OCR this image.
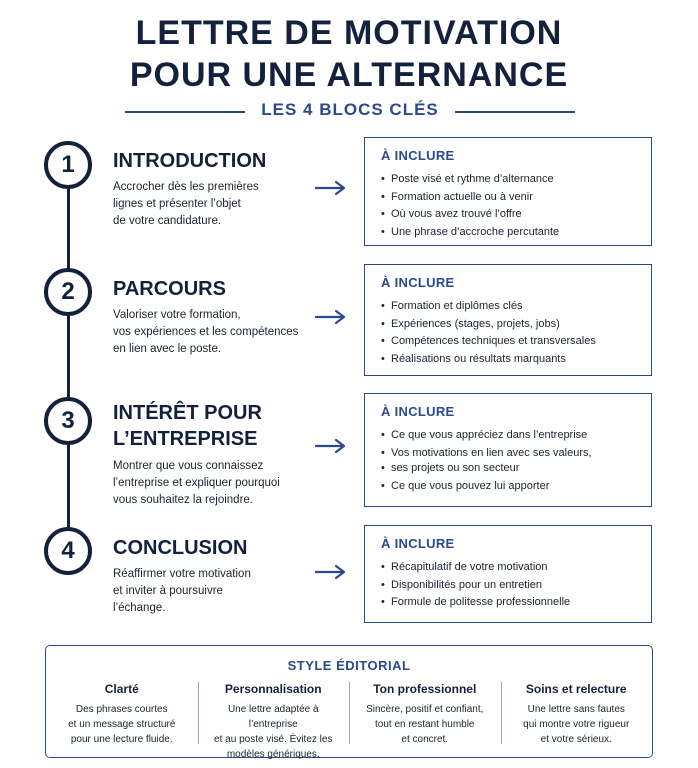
LETTRE DE MOTIVATION
POUR UNE ALTERNANCE
LES 4 BLOCS CLÉS
1	INTRODUCTION
Accrocher dès les premières
lignes et présenter l’objet
de votre candidature.
À INCLURE
• Poste visé et rythme d’alternance
• Formation actuelle ou à venir
• Où vous avez trouvé l’offre
• Une phrase d’accroche percutante
2	PARCOURS
Valoriser votre formation,
vos expériences et les compétences
en lien avec le poste.
À INCLURE
• Formation et diplômes clés
• Expériences (stages, projets, jobs)
• Compétences techniques et transversales
• Réalisations ou résultats marquants
3	INTÉRÊT POUR
L’ENTREPRISE
Montrer que vous connaissez
l’entreprise et expliquer pourquoi
vous souhaitez la rejoindre.
À INCLURE
• Ce que vous appréciez dans l’entreprise
• Vos motivations en lien avec ses valeurs,
• ses projets ou son secteur
• Ce que vous pouvez lui apporter
4	CONCLUSION
Réaffirmer votre motivation
et inviter à poursuivre
l’échange.
À INCLURE
• Récapitulatif de votre motivation
• Disponibilités pour un entretien
• Formule de politesse professionnelle
STYLE ÉDITORIAL
Clarté
Des phrases courtes
et un message structuré
pour une lecture fluide.
Personnalisation
Une lettre adaptée à l’entreprise
et au poste visé. Évitez les
modèles génériques.
Ton professionnel
Sincère, positif et confiant,
tout en restant humble
et concret.
Soins et relecture
Une lettre sans fautes
qui montre votre rigueur
et votre sérieux.
